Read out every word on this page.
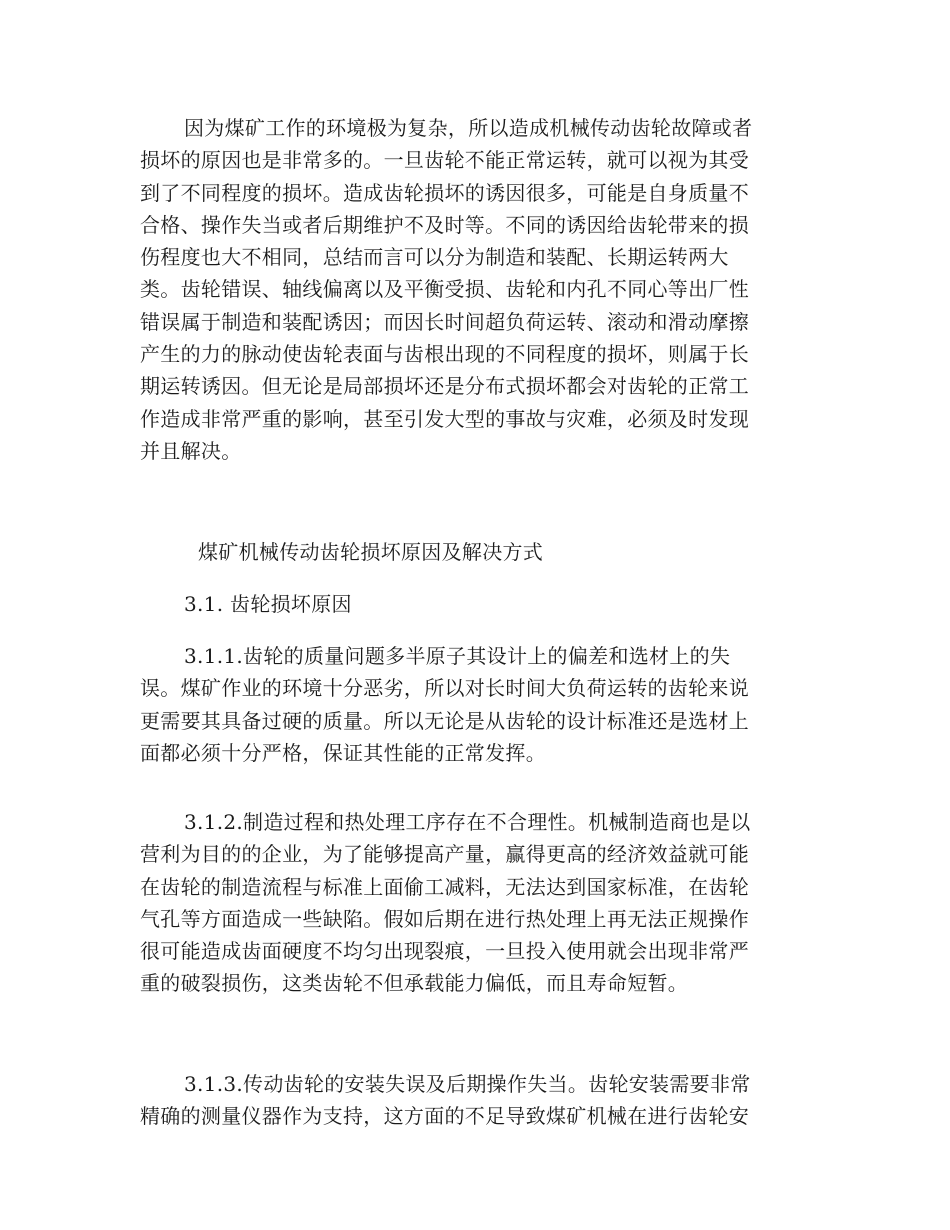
因为煤矿工作的环境极为复杂，所以造成机械传动齿轮故障或者
损坏的原因也是非常多的。一旦齿轮不能正常运转，就可以视为其受
到了不同程度的损坏。造成齿轮损坏的诱因很多，可能是自身质量不
合格、操作失当或者后期维护不及时等。不同的诱因给齿轮带来的损
伤程度也大不相同，总结而言可以分为制造和装配、长期运转两大
类。齿轮错误、轴线偏离以及平衡受损、齿轮和内孔不同心等出厂性
错误属于制造和装配诱因；而因长时间超负荷运转、滚动和滑动摩擦
产生的力的脉动使齿轮表面与齿根出现的不同程度的损坏，则属于长
期运转诱因。但无论是局部损坏还是分布式损坏都会对齿轮的正常工
作造成非常严重的影响，甚至引发大型的事故与灾难，必须及时发现
并且解决。
煤矿机械传动齿轮损坏原因及解决方式
3.1. 齿轮损坏原因
3.1.1.齿轮的质量问题多半原子其设计上的偏差和选材上的失
误。煤矿作业的环境十分恶劣，所以对长时间大负荷运转的齿轮来说
更需要其具备过硬的质量。所以无论是从齿轮的设计标准还是选材上
面都必须十分严格，保证其性能的正常发挥。
3.1.2.制造过程和热处理工序存在不合理性。机械制造商也是以
营利为目的的企业，为了能够提高产量，赢得更高的经济效益就可能
在齿轮的制造流程与标准上面偷工减料，无法达到国家标准，在齿轮
气孔等方面造成一些缺陷。假如后期在进行热处理上再无法正规操作
很可能造成齿面硬度不均匀出现裂痕，一旦投入使用就会出现非常严
重的破裂损伤，这类齿轮不但承载能力偏低，而且寿命短暂。
3.1.3.传动齿轮的安装失误及后期操作失当。齿轮安装需要非常
精确的测量仪器作为支持，这方面的不足导致煤矿机械在进行齿轮安
